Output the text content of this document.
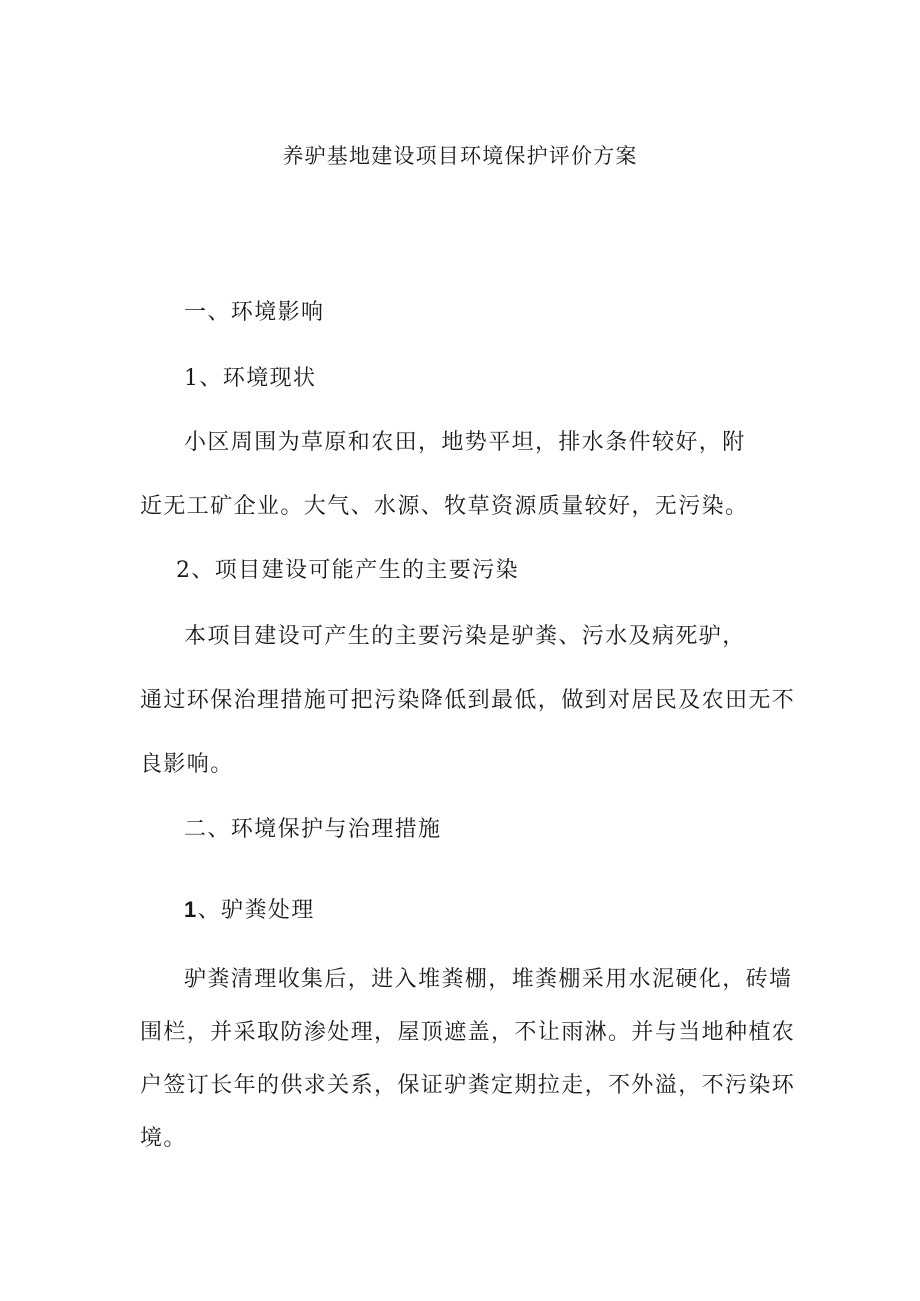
养驴基地建设项目环境保护评价方案
一、环境影响
1、环境现状
小区周围为草原和农田，地势平坦，排水条件较好，附
近无工矿企业。大气、水源、牧草资源质量较好，无污染。
2、项目建设可能产生的主要污染
本项目建设可产生的主要污染是驴粪、污水及病死驴，
通过环保治理措施可把污染降低到最低，做到对居民及农田无不
良影响。
二、环境保护与治理措施
1、驴粪处理
驴粪清理收集后，进入堆粪棚，堆粪棚采用水泥硬化，砖墙
围栏，并采取防渗处理，屋顶遮盖，不让雨淋。并与当地种植农
户签订长年的供求关系，保证驴粪定期拉走，不外溢，不污染环
境。
